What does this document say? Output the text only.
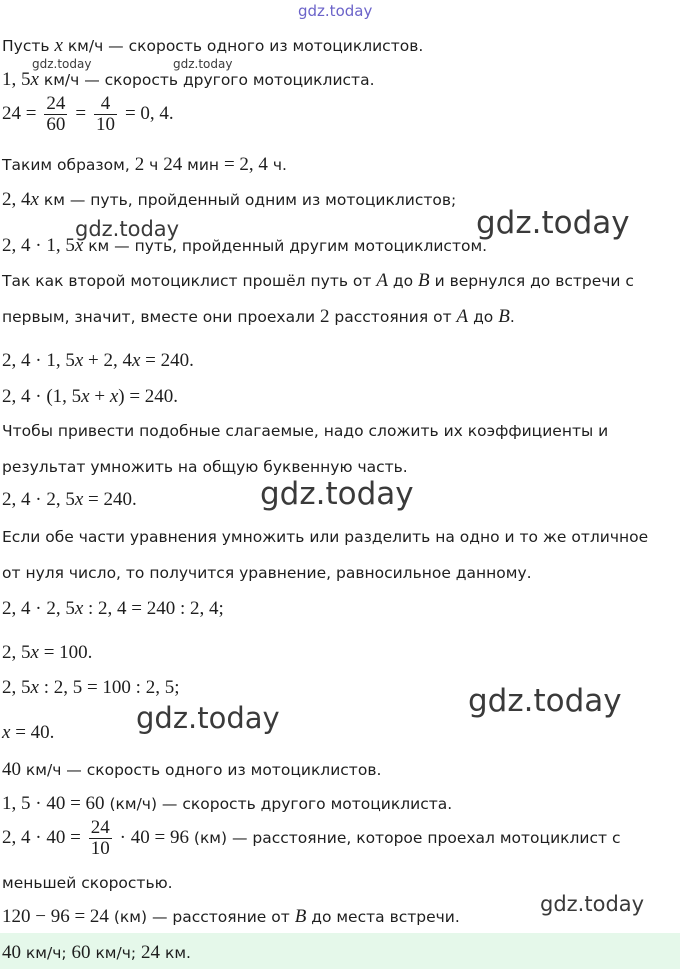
gdz.today
gdz.today	gdz.today
gdz.today	gdz.today
gdz.today
gdz.today
gdz.today
gdz.today
Пусть x км/ч — скорость одного из мотоциклистов.
1, 5x км/ч — скорость другого мотоциклиста.
$24 = \frac{24}{60} = \frac{4}{10} = 0$, 4.
Таким образом, 2 ч 24 мин = 2, 4 ч.
2, 4x км — путь, пройденный одним из мотоциклистов;
2, 4 · 1, 5x км — путь, пройденный другим мотоциклистом.
Так как второй мотоциклист прошёл путь от A до B и вернулся до встречи с
первым, значит, вместе они проехали 2 расстояния от A до B.
2, 4 · 1, 5x + 2, 4x = 240.
2, 4 · (1, 5x + x) = 240.
Чтобы привести подобные слагаемые, надо сложить их коэффициенты и
результат умножить на общую буквенную часть.
2, 4 · 2, 5x = 240.
Если обе части уравнения умножить или разделить на одно и то же отличное
от нуля число, то получится уравнение, равносильное данному.
2, 4 · 2, 5x : 2, 4 = 240 : 2, 4;
2, 5x = 100.
2, 5x : 2, 5 = 100 : 2, 5;
x = 40.
40 км/ч — скорость одного из мотоциклистов.
1, 5 · 40 = 60 (км/ч) — скорость другого мотоциклиста.
2, $4 \cdot 40 = \frac{24}{10} \cdot 40 = 96$ (км) — расстояние, которое проехал мотоциклист с
меньшей скоростью.
120 − 96 = 24 (км) — расстояние от B до места встречи.
40 км/ч; 60 км/ч; 24 км.
